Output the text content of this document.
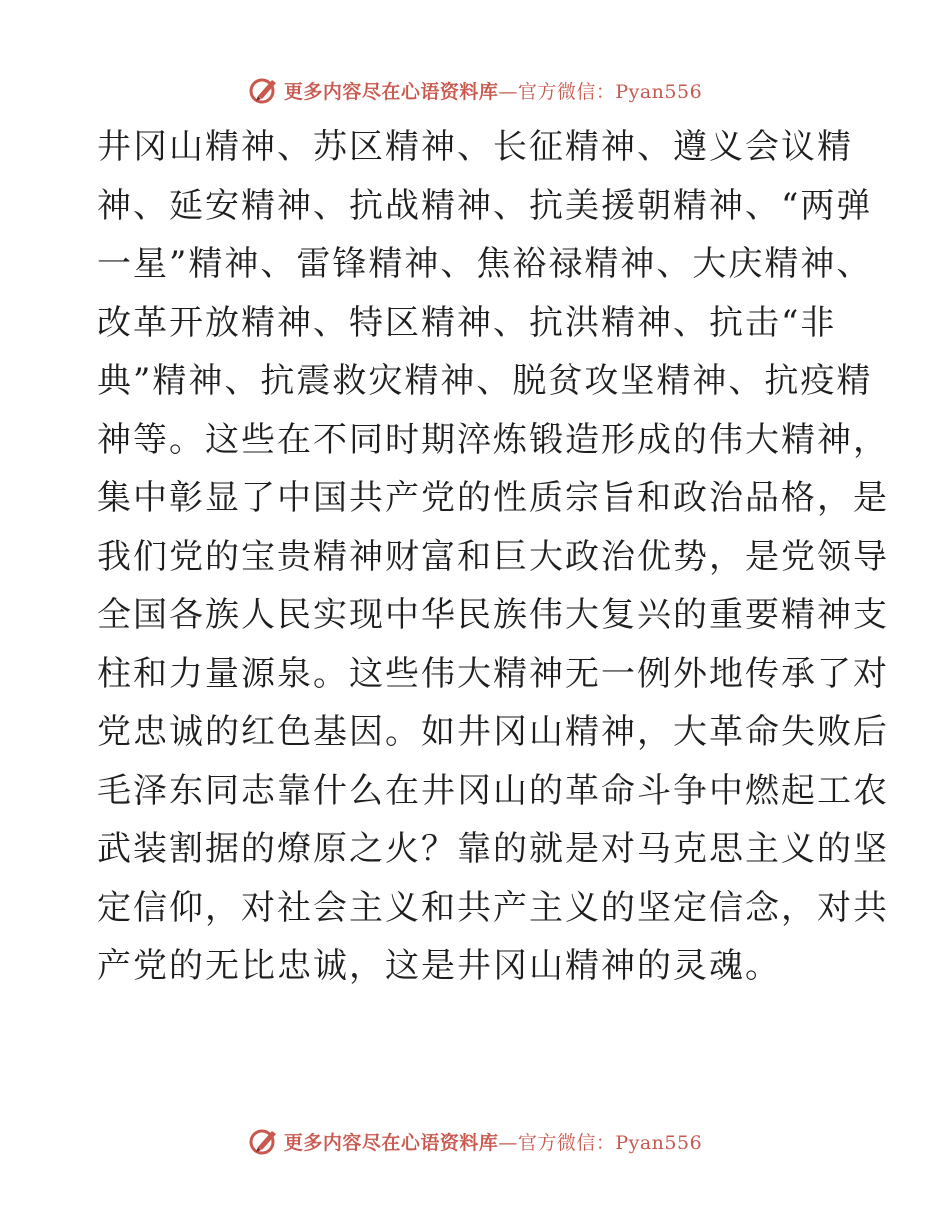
更多内容尽在心语资料库 —官方微信：Pyan556
井冈山精神、苏区精神、长征精神、遵义会议精
神、延安精神、抗战精神、抗美援朝精神、“两弹
一星”精神、雷锋精神、焦裕禄精神、大庆精神、
改革开放精神、特区精神、抗洪精神、抗击“非
典”精神、抗震救灾精神、脱贫攻坚精神、抗疫精
神等。这些在不同时期淬炼锻造形成的伟大精神，
集中彰显了中国共产党的性质宗旨和政治品格，是
我们党的宝贵精神财富和巨大政治优势，是党领导
全国各族人民实现中华民族伟大复兴的重要精神支
柱和力量源泉。这些伟大精神无一例外地传承了对
党忠诚的红色基因。如井冈山精神，大革命失败后
毛泽东同志靠什么在井冈山的革命斗争中燃起工农
武装割据的燎原之火？靠的就是对马克思主义的坚
定信仰，对社会主义和共产主义的坚定信念，对共
产党的无比忠诚，这是井冈山精神的灵魂。
更多内容尽在心语资料库 —官方微信：Pyan556
